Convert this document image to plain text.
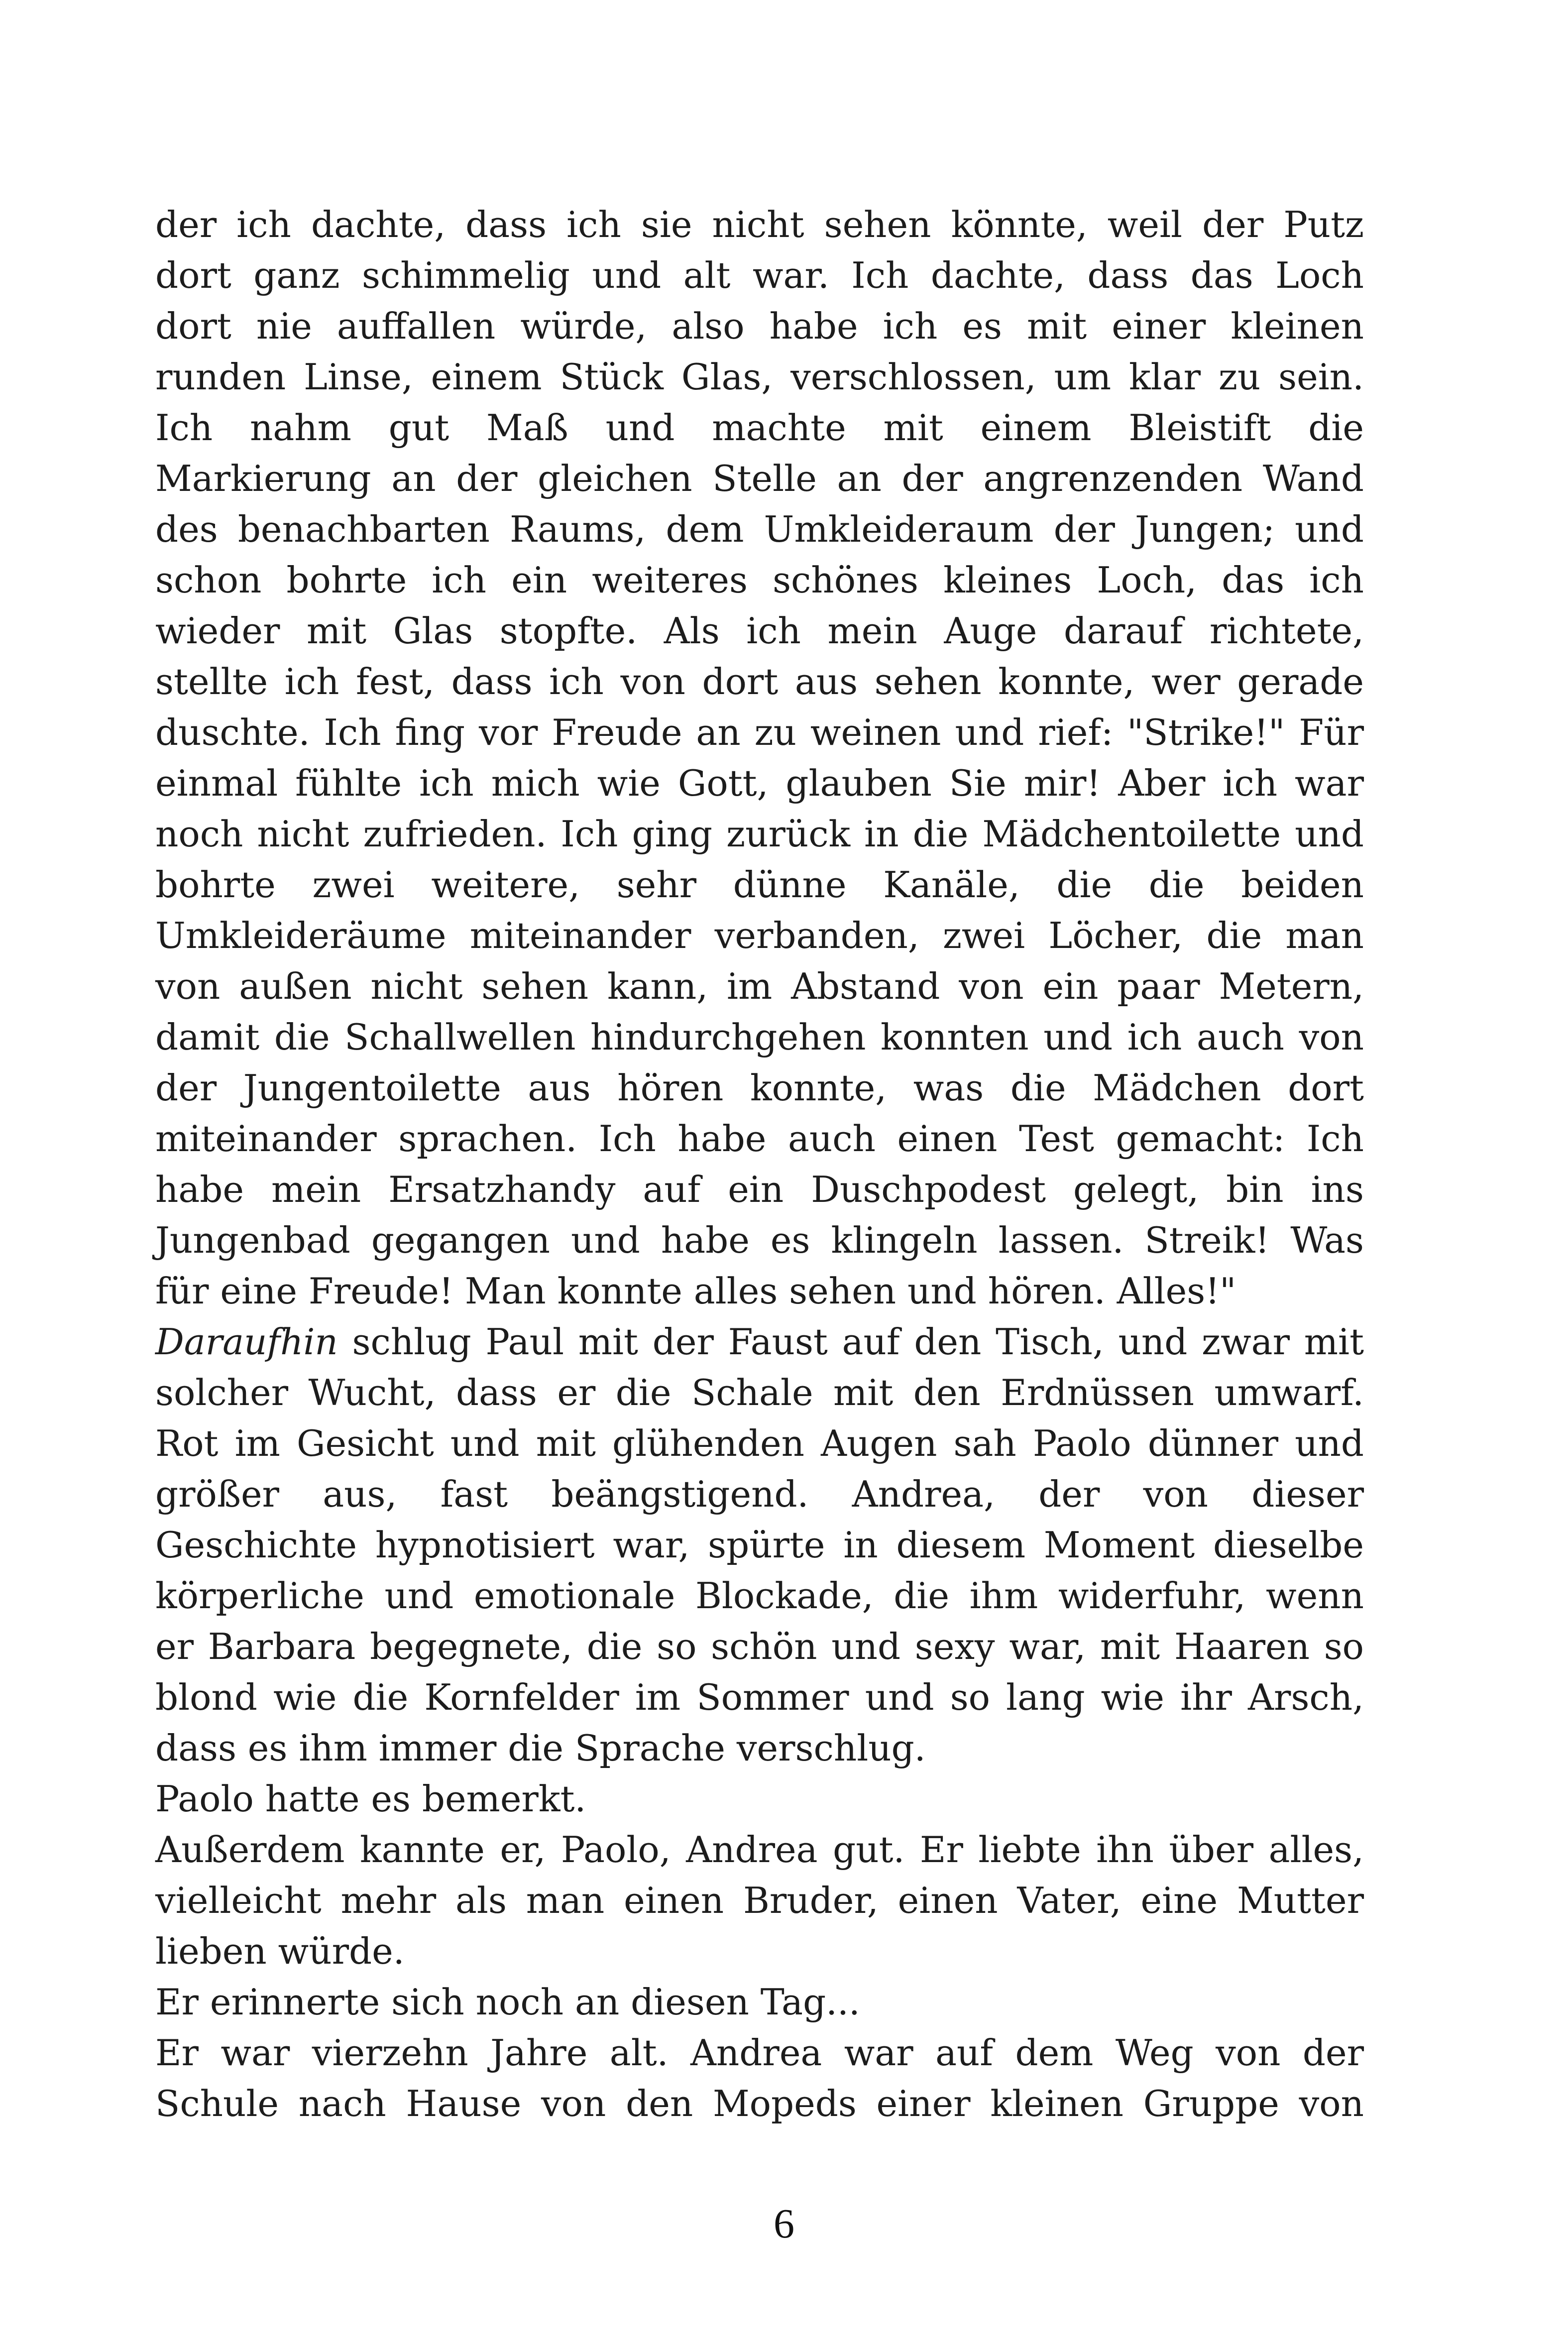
der ich dachte, dass ich sie nicht sehen könnte, weil der Putz

dort ganz schimmelig und alt war. Ich dachte, dass das Loch

dort nie auffallen würde, also habe ich es mit einer kleinen

runden Linse, einem Stück Glas, verschlossen, um klar zu sein.

Ich nahm gut Maß und machte mit einem Bleistift die

Markierung an der gleichen Stelle an der angrenzenden Wand

des benachbarten Raums, dem Umkleideraum der Jungen; und

schon bohrte ich ein weiteres schönes kleines Loch, das ich

wieder mit Glas stopfte. Als ich mein Auge darauf richtete,

stellte ich fest, dass ich von dort aus sehen konnte, wer gerade

duschte. Ich fing vor Freude an zu weinen und rief: "Strike!" Für

einmal fühlte ich mich wie Gott, glauben Sie mir! Aber ich war

noch nicht zufrieden. Ich ging zurück in die Mädchentoilette und

bohrte zwei weitere, sehr dünne Kanäle, die die beiden

Umkleideräume miteinander verbanden, zwei Löcher, die man

von außen nicht sehen kann, im Abstand von ein paar Metern,

damit die Schallwellen hindurchgehen konnten und ich auch von

der Jungentoilette aus hören konnte, was die Mädchen dort

miteinander sprachen. Ich habe auch einen Test gemacht: Ich

habe mein Ersatzhandy auf ein Duschpodest gelegt, bin ins

Jungenbad gegangen und habe es klingeln lassen. Streik! Was

für eine Freude! Man konnte alles sehen und hören. Alles!"

Daraufhin schlug Paul mit der Faust auf den Tisch, und zwar mit

solcher Wucht, dass er die Schale mit den Erdnüssen umwarf.

Rot im Gesicht und mit glühenden Augen sah Paolo dünner und

größer aus, fast beängstigend. Andrea, der von dieser

Geschichte hypnotisiert war, spürte in diesem Moment dieselbe

körperliche und emotionale Blockade, die ihm widerfuhr, wenn

er Barbara begegnete, die so schön und sexy war, mit Haaren so

blond wie die Kornfelder im Sommer und so lang wie ihr Arsch,

dass es ihm immer die Sprache verschlug.

Paolo hatte es bemerkt.

Außerdem kannte er, Paolo, Andrea gut. Er liebte ihn über alles,

vielleicht mehr als man einen Bruder, einen Vater, eine Mutter

lieben würde.

Er erinnerte sich noch an diesen Tag...

Er war vierzehn Jahre alt. Andrea war auf dem Weg von der

Schule nach Hause von den Mopeds einer kleinen Gruppe von

6
